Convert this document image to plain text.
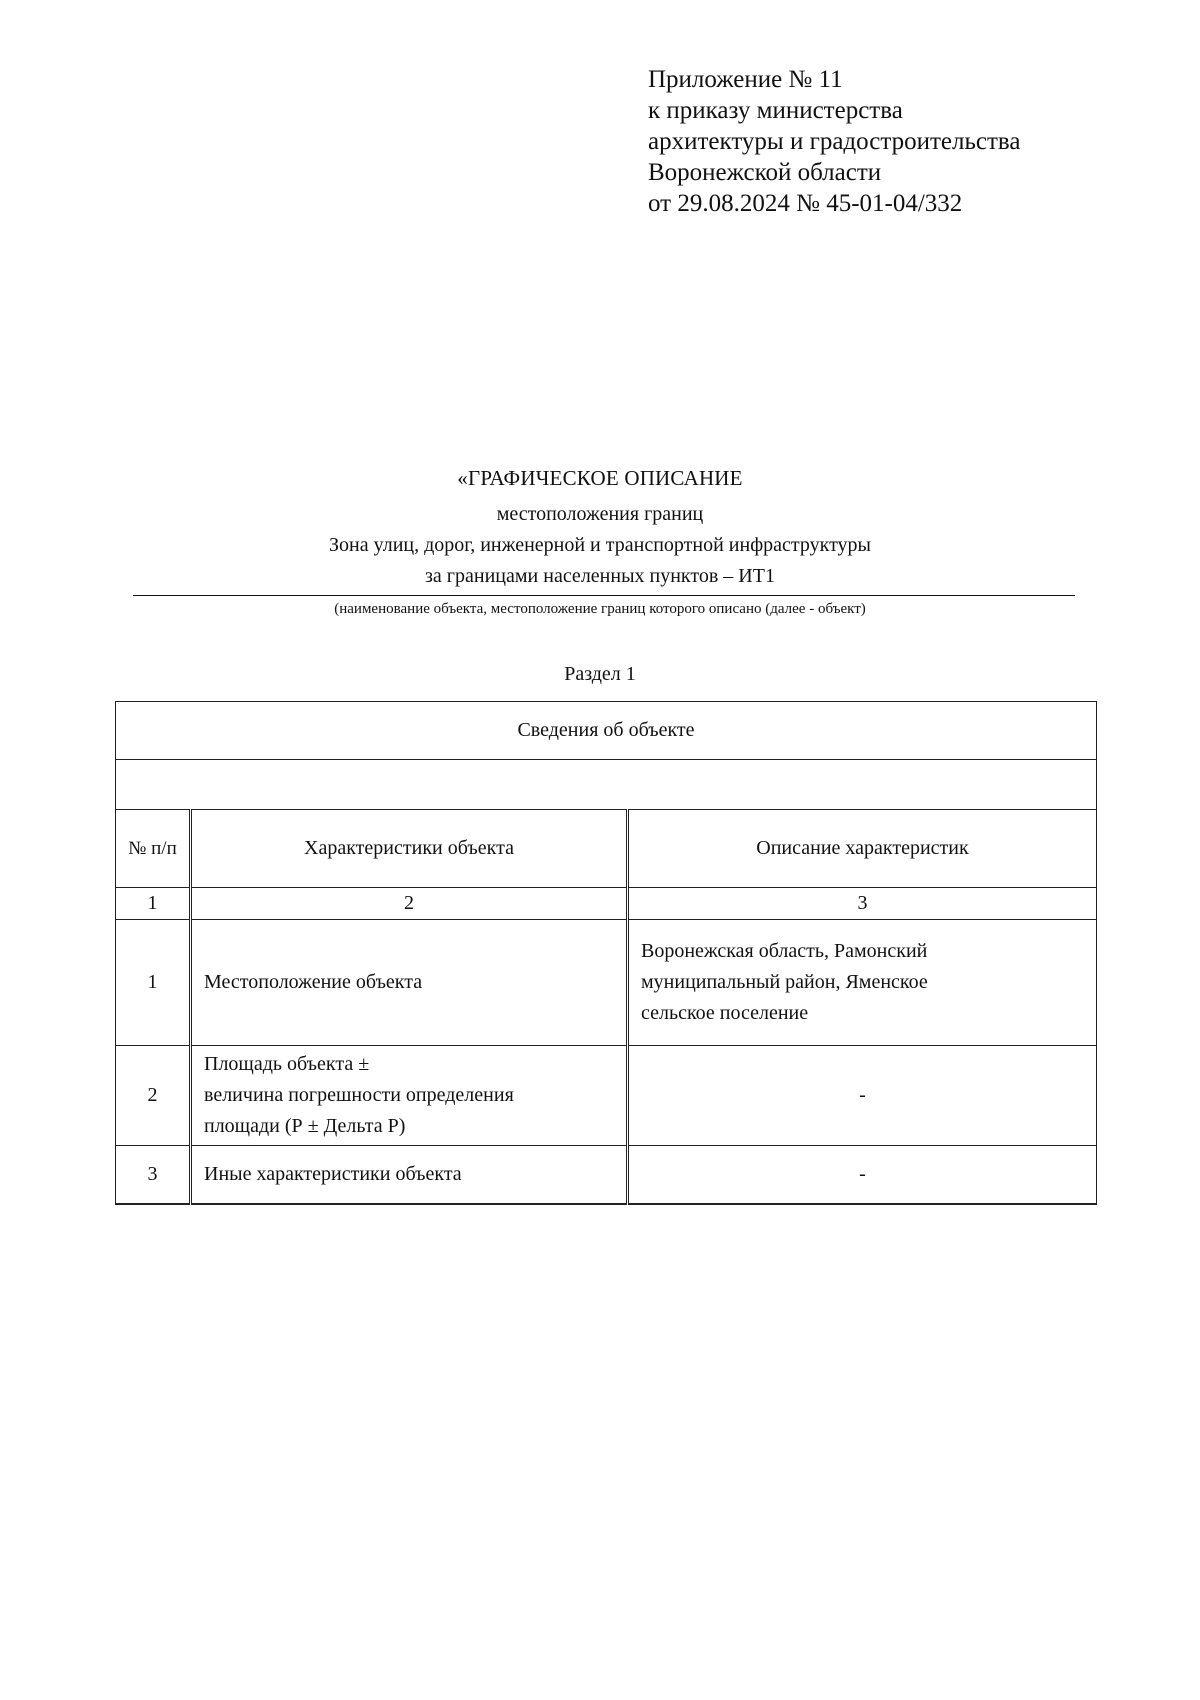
Приложение № 11
к приказу министерства
архитектуры и градостроительства
Воронежской области
от 29.08.2024 № 45-01-04/332
«ГРАФИЧЕСКОЕ ОПИСАНИЕ
местоположения границ
Зона улиц, дорог, инженерной и транспортной инфраструктуры
за границами населенных пунктов – ИТ1
(наименование объекта, местоположение границ которого описано (далее - объект)
Раздел 1
Сведения об объекте		

№ п/п	Характеристики объекта	Описание характеристик
1	2	3
1	Местоположение объекта	Воронежская область, Рамонский
муниципальный район, Яменское
сельское поселение

2	Площадь объекта ±
величина погрешности определения
площади (Р ± Дельта Р)	-
3	Иные характеристики объекта	-
